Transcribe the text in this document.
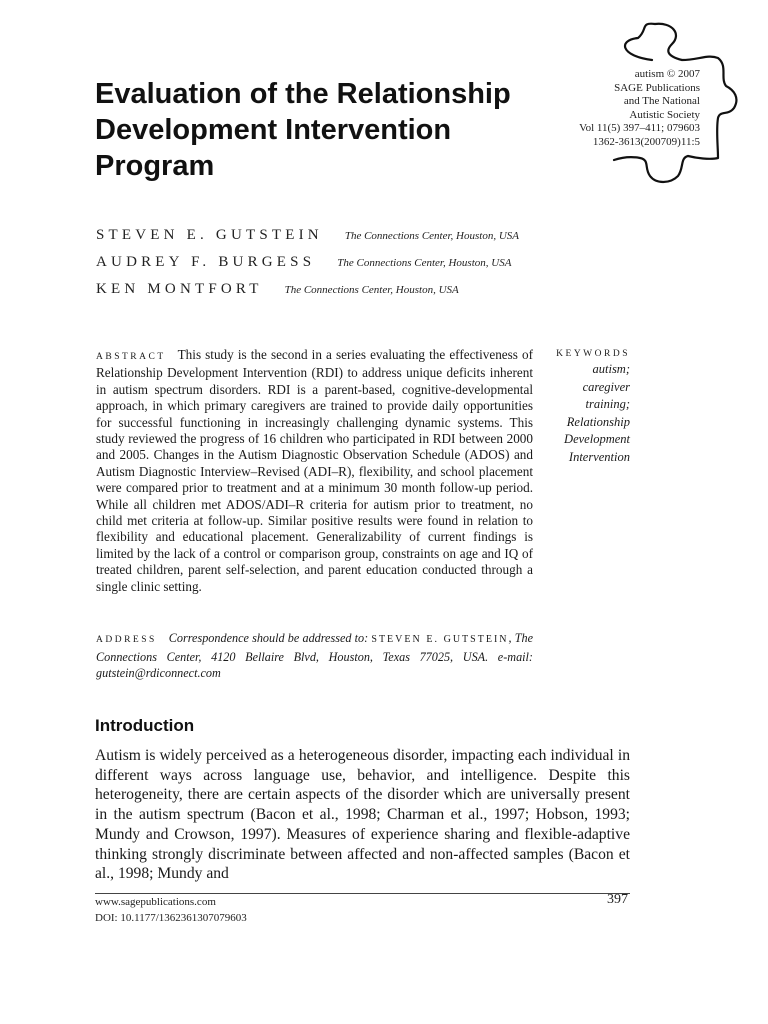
Evaluation of the Relationship Development Intervention Program
autism © 2007
SAGE Publications
and The National
Autistic Society
Vol 11(5) 397–411; 079603
1362-3613(200709)11:5
STEVEN E. GUTSTEIN The Connections Center, Houston, USA
AUDREY F. BURGESS The Connections Center, Houston, USA
KEN MONTFORT The Connections Center, Houston, USA

ABSTRACT This study is the second in a series evaluating the effectiveness of Relationship Development Intervention (RDI) to address unique deficits inherent in autism spectrum disorders. RDI is a parent-based, cognitive-developmental approach, in which primary caregivers are trained to provide daily opportunities for successful functioning in increasingly challenging dynamic systems. This study reviewed the progress of 16 children who participated in RDI between 2000 and 2005. Changes in the Autism Diagnostic Observation Schedule (ADOS) and Autism Diagnostic Interview–Revised (ADI–R), flexibility, and school placement were compared prior to treatment and at a minimum 30 month follow-up period. While all children met ADOS/ADI–R criteria for autism prior to treatment, no child met criteria at follow-up. Similar positive results were found in relation to flexibility and educational placement. Generalizability of current findings is limited by the lack of a control or comparison group, constraints on age and IQ of treated children, parent self-selection, and parent education conducted through a single clinic setting.

ADDRESS Correspondence should be addressed to: STEVEN E. GUTSTEIN, The Connections Center, 4120 Bellaire Blvd, Houston, Texas 77025, USA. e-mail: gutstein@rdiconnect.com

KEYWORDS
autism;
caregiver
training;
Relationship
Development
Intervention
Introduction

Autism is widely perceived as a heterogeneous disorder, impacting each individual in different ways across language use, behavior, and intelligence. Despite this heterogeneity, there are certain aspects of the disorder which are universally present in the autism spectrum (Bacon et al., 1998; Charman et al., 1997; Hobson, 1993; Mundy and Crowson, 1997). Measures of experience sharing and flexible-adaptive thinking strongly discriminate between affected and non-affected samples (Bacon et al., 1998; Mundy and

www.sagepublications.com
DOI: 10.1177/1362361307079603
397
